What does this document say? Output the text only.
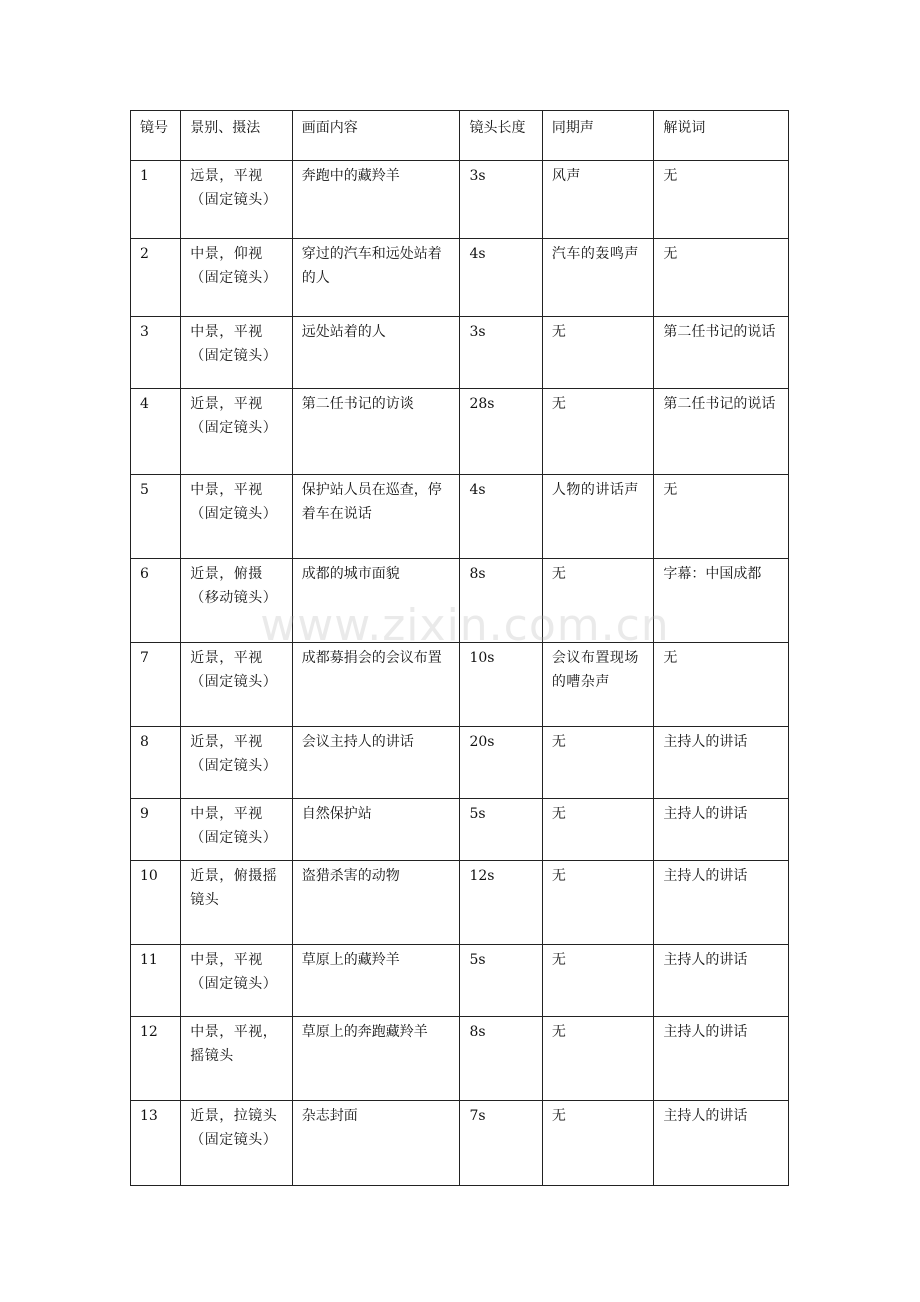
镜号	景别、摄法	画面内容	镜头长度	同期声	解说词
1	远景，平视（固定镜头）	奔跑中的藏羚羊	3s	风声	无
2	中景，仰视（固定镜头）	穿过的汽车和远处站着的人	4s	汽车的轰鸣声	无
3	中景，平视（固定镜头）	远处站着的人	3s	无	第二任书记的说话
4	近景，平视（固定镜头）	第二任书记的访谈	28s	无	第二任书记的说话
5	中景，平视（固定镜头）	保护站人员在巡查，停着车在说话	4s	人物的讲话声	无
6	近景，俯摄（移动镜头）	成都的城市面貌	8s	无	字幕：中国成都
7	近景，平视（固定镜头）	成都募捐会的会议布置	10s	会议布置现场的嘈杂声	无
8	近景，平视（固定镜头）	会议主持人的讲话	20s	无	主持人的讲话
9	中景，平视（固定镜头）	自然保护站	5s	无	主持人的讲话
10	近景，俯摄摇镜头	盗猎杀害的动物	12s	无	主持人的讲话
11	中景，平视（固定镜头）	草原上的藏羚羊	5s	无	主持人的讲话
12	中景，平视，摇镜头	草原上的奔跑藏羚羊	8s	无	主持人的讲话
13	近景，拉镜头（固定镜头）	杂志封面	7s	无	主持人的讲话
www.zixin.com.cn
